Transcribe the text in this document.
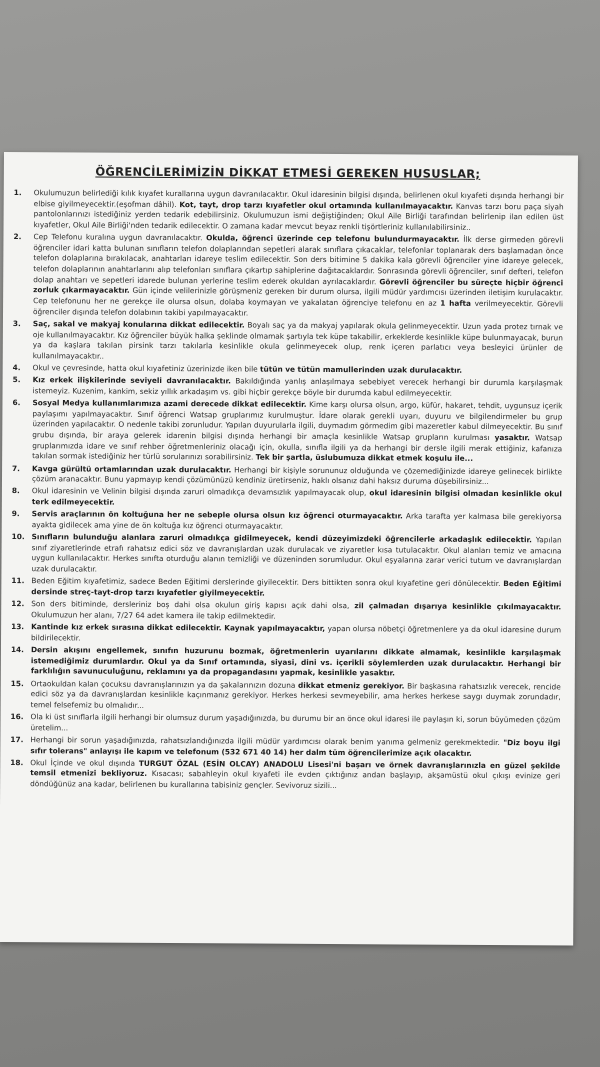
ÖĞRENCİLERİMİZİN DİKKAT ETMESİ GEREKEN HUSUSLAR;
1. Okulumuzun belirlediği kılık kıyafet kurallarına uygun davranılacaktır. Okul idaresinin bilgisi dışında, belirlenen okul kıyafeti dışında herhangi bir elbise giyilmeyecektir.(eşofman dâhil). Kot, tayt, drop tarzı kıyafetler okul ortamında kullanılmayacaktır. Kanvas tarzı boru paça siyah pantolonlarınızı istediğiniz yerden tedarik edebilirsiniz. Okulumuzun ismi değiştiğinden; Okul Aile Birliği tarafından belirlenip ilan edilen üst kıyafetler, Okul Aile Birliği'nden tedarik edilecektir. O zamana kadar mevcut beyaz renkli tişörtleriniz kullanılabilirsiniz..
2. Cep Telefonu kuralına uygun davranılacaktır. Okulda, öğrenci üzerinde cep telefonu bulundurmayacaktır. İlk derse girmeden görevli öğrenciler idari katta bulunan sınıfların telefon dolaplarından sepetleri alarak sınıflara çıkacaklar, telefonlar toplanarak ders başlamadan önce telefon dolaplarına bırakılacak, anahtarları idareye teslim edilecektir. Son ders bitimine 5 dakika kala görevli öğrenciler yine idareye gelecek, telefon dolaplarının anahtarlarını alıp telefonları sınıflara çıkartıp sahiplerine dağıtacaklardır. Sonrasında görevli öğrenciler, sınıf defteri, telefon dolap anahtarı ve sepetleri idarede bulunan yerlerine teslim ederek okuldan ayrılacaklardır. Görevli öğrenciler bu süreçte hiçbir öğrenci zorluk çıkarmayacaktır. Gün içinde velilerinizle görüşmeniz gereken bir durum olursa, ilgili müdür yardımcısı üzerinden iletişim kurulacaktır. Cep telefonunu her ne gerekçe ile olursa olsun, dolaba koymayan ve yakalatan öğrenciye telefonu en az 1 hafta verilmeyecektir. Görevli öğrenciler dışında telefon dolabının takibi yapılmayacaktır.
3. Saç, sakal ve makyaj konularına dikkat edilecektir. Boyalı saç ya da makyaj yapılarak okula gelinmeyecektir. Uzun yada protez tırnak ve oje kullanılmayacaktır. Kız öğrenciler büyük halka şeklinde olmamak şartıyla tek küpe takabilir, erkeklerde kesinlikle küpe bulunmayacak, burun ya da kaşlara takılan pirsink tarzı takılarla kesinlikle okula gelinmeyecek olup, renk içeren parlatıcı veya besleyici ürünler de kullanılmayacaktır..
4. Okul ve çevresinde, hatta okul kıyafetiniz üzerinizde iken bile tütün ve tütün mamullerinden uzak durulacaktır.
5. Kız erkek ilişkilerinde seviyeli davranılacaktır. Bakıldığında yanlış anlaşılmaya sebebiyet verecek herhangi bir durumla karşılaşmak istemeyiz. Kuzenim, kankim, sekiz yıllık arkadaşım vs. gibi hiçbir gerekçe böyle bir durumda kabul edilmeyecektir.
6. Sosyal Medya kullanımlarımıza azami derecede dikkat edilecektir. Kime karşı olursa olsun, argo, küfür, hakaret, tehdit, uygunsuz içerik paylaşımı yapılmayacaktır. Sınıf öğrenci Watsap gruplarımız kurulmuştur. İdare olarak gerekli uyarı, duyuru ve bilgilendirmeler bu grup üzerinden yapılacaktır. O nedenle takibi zorunludur. Yapılan duyurularla ilgili, duymadım görmedim gibi mazeretler kabul dilmeyecektir. Bu sınıf grubu dışında, bir araya gelerek idarenin bilgisi dışında herhangi bir amaçla kesinlikle Watsap grupların kurulması yasaktır. Watsap gruplarımızda idare ve sınıf rehber öğretmenleriniz olacağı için, okulla, sınıfla ilgili ya da herhangi bir dersle ilgili merak ettiğiniz, kafanıza takılan sormak istediğiniz her türlü sorularınızı sorabilirsiniz. Tek bir şartla, üslubumuza dikkat etmek koşulu ile...
7. Kavga gürültü ortamlarından uzak durulacaktır. Herhangi bir kişiyle sorununuz olduğunda ve çözemediğinizde idareye gelinecek birlikte çözüm aranacaktır. Bunu yapmayıp kendi çözümünüzü kendiniz üretirseniz, haklı olsanız dahi haksız duruma düşebilirsiniz...
8. Okul idaresinin ve Velinin bilgisi dışında zaruri olmadıkça devamsızlık yapılmayacak olup, okul idaresinin bilgisi olmadan kesinlikle okul terk edilmeyecektir.
9. Servis araçlarının ön koltuğuna her ne sebeple olursa olsun kız öğrenci oturmayacaktır. Arka tarafta yer kalmasa bile gerekiyorsa ayakta gidilecek ama yine de ön koltuğa kız öğrenci oturmayacaktır.
10. Sınıfların bulunduğu alanlara zaruri olmadıkça gidilmeyecek, kendi düzeyimizdeki öğrencilerle arkadaşlık edilecektir. Yapılan sınıf ziyaretlerinde etrafı rahatsız edici söz ve davranışlardan uzak durulacak ve ziyaretler kısa tutulacaktır. Okul alanları temiz ve amacına uygun kullanılacaktır. Herkes sınıfta oturduğu alanın temizliği ve düzeninden sorumludur. Okul eşyalarına zarar verici tutum ve davranışlardan uzak durulacaktır.
11. Beden Eğitim kıyafetimiz, sadece Beden Eğitimi derslerinde giyilecektir. Ders bittikten sonra okul kıyafetine geri dönülecektir. Beden Eğitimi dersinde streç-tayt-drop tarzı kıyafetler giyilmeyecektir.
12. Son ders bitiminde, dersleriniz boş dahi olsa okulun giriş kapısı açık dahi olsa, zil çalmadan dışarıya kesinlikle çıkılmayacaktır. Okulumuzun her alanı, 7/27 64 adet kamera ile takip edilmektedir.
13. Kantinde kız erkek sırasına dikkat edilecektir. Kaynak yapılmayacaktır, yapan olursa nöbetçi öğretmenlere ya da okul idaresine durum bildirilecektir.
14. Dersin akışını engellemek, sınıfın huzurunu bozmak, öğretmenlerin uyarılarını dikkate almamak, kesinlikle karşılaşmak istemediğimiz durumlardır. Okul ya da Sınıf ortamında, siyasi, dini vs. içerikli söylemlerden uzak durulacaktır. Herhangi bir farklılığın savunuculuğunu, reklamını ya da propagandasını yapmak, kesinlikle yasaktır.
15. Ortaokuldan kalan çocuksu davranışlarınızın ya da şakalarınızın dozuna dikkat etmeniz gerekiyor. Bir başkasına rahatsızlık verecek, rencide edici söz ya da davranışlardan kesinlikle kaçınmanız gerekiyor. Herkes herkesi sevmeyebilir, ama herkes herkese saygı duymak zorundadır, temel felsefemiz bu olmalıdır...
16. Ola ki üst sınıflarla ilgili herhangi bir olumsuz durum yaşadığınızda, bu durumu bir an önce okul idaresi ile paylaşın ki, sorun büyümeden çözüm üretelim...
17. Herhangi bir sorun yaşadığınızda, rahatsızlandığınızda ilgili müdür yardımcısı olarak benim yanıma gelmeniz gerekmektedir. "Diz boyu ilgi sıfır tolerans" anlayışı ile kapım ve telefonum (532 671 40 14) her dalm tüm öğrencilerimize açık olacaktır.
18. Okul İçinde ve okul dışında TURGUT ÖZAL (ESİN OLCAY) ANADOLU Lisesi'ni başarı ve örnek davranışlarınızla en güzel şekilde temsil etmenizi bekliyoruz. Kısacası; sabahleyin okul kıyafeti ile evden çıktığınız andan başlayıp, akşamüstü okul çıkışı evinize geri döndüğünüz ana kadar, belirlenen bu kurallarına tabisiniz gençler. Sevivoruz sizili...
